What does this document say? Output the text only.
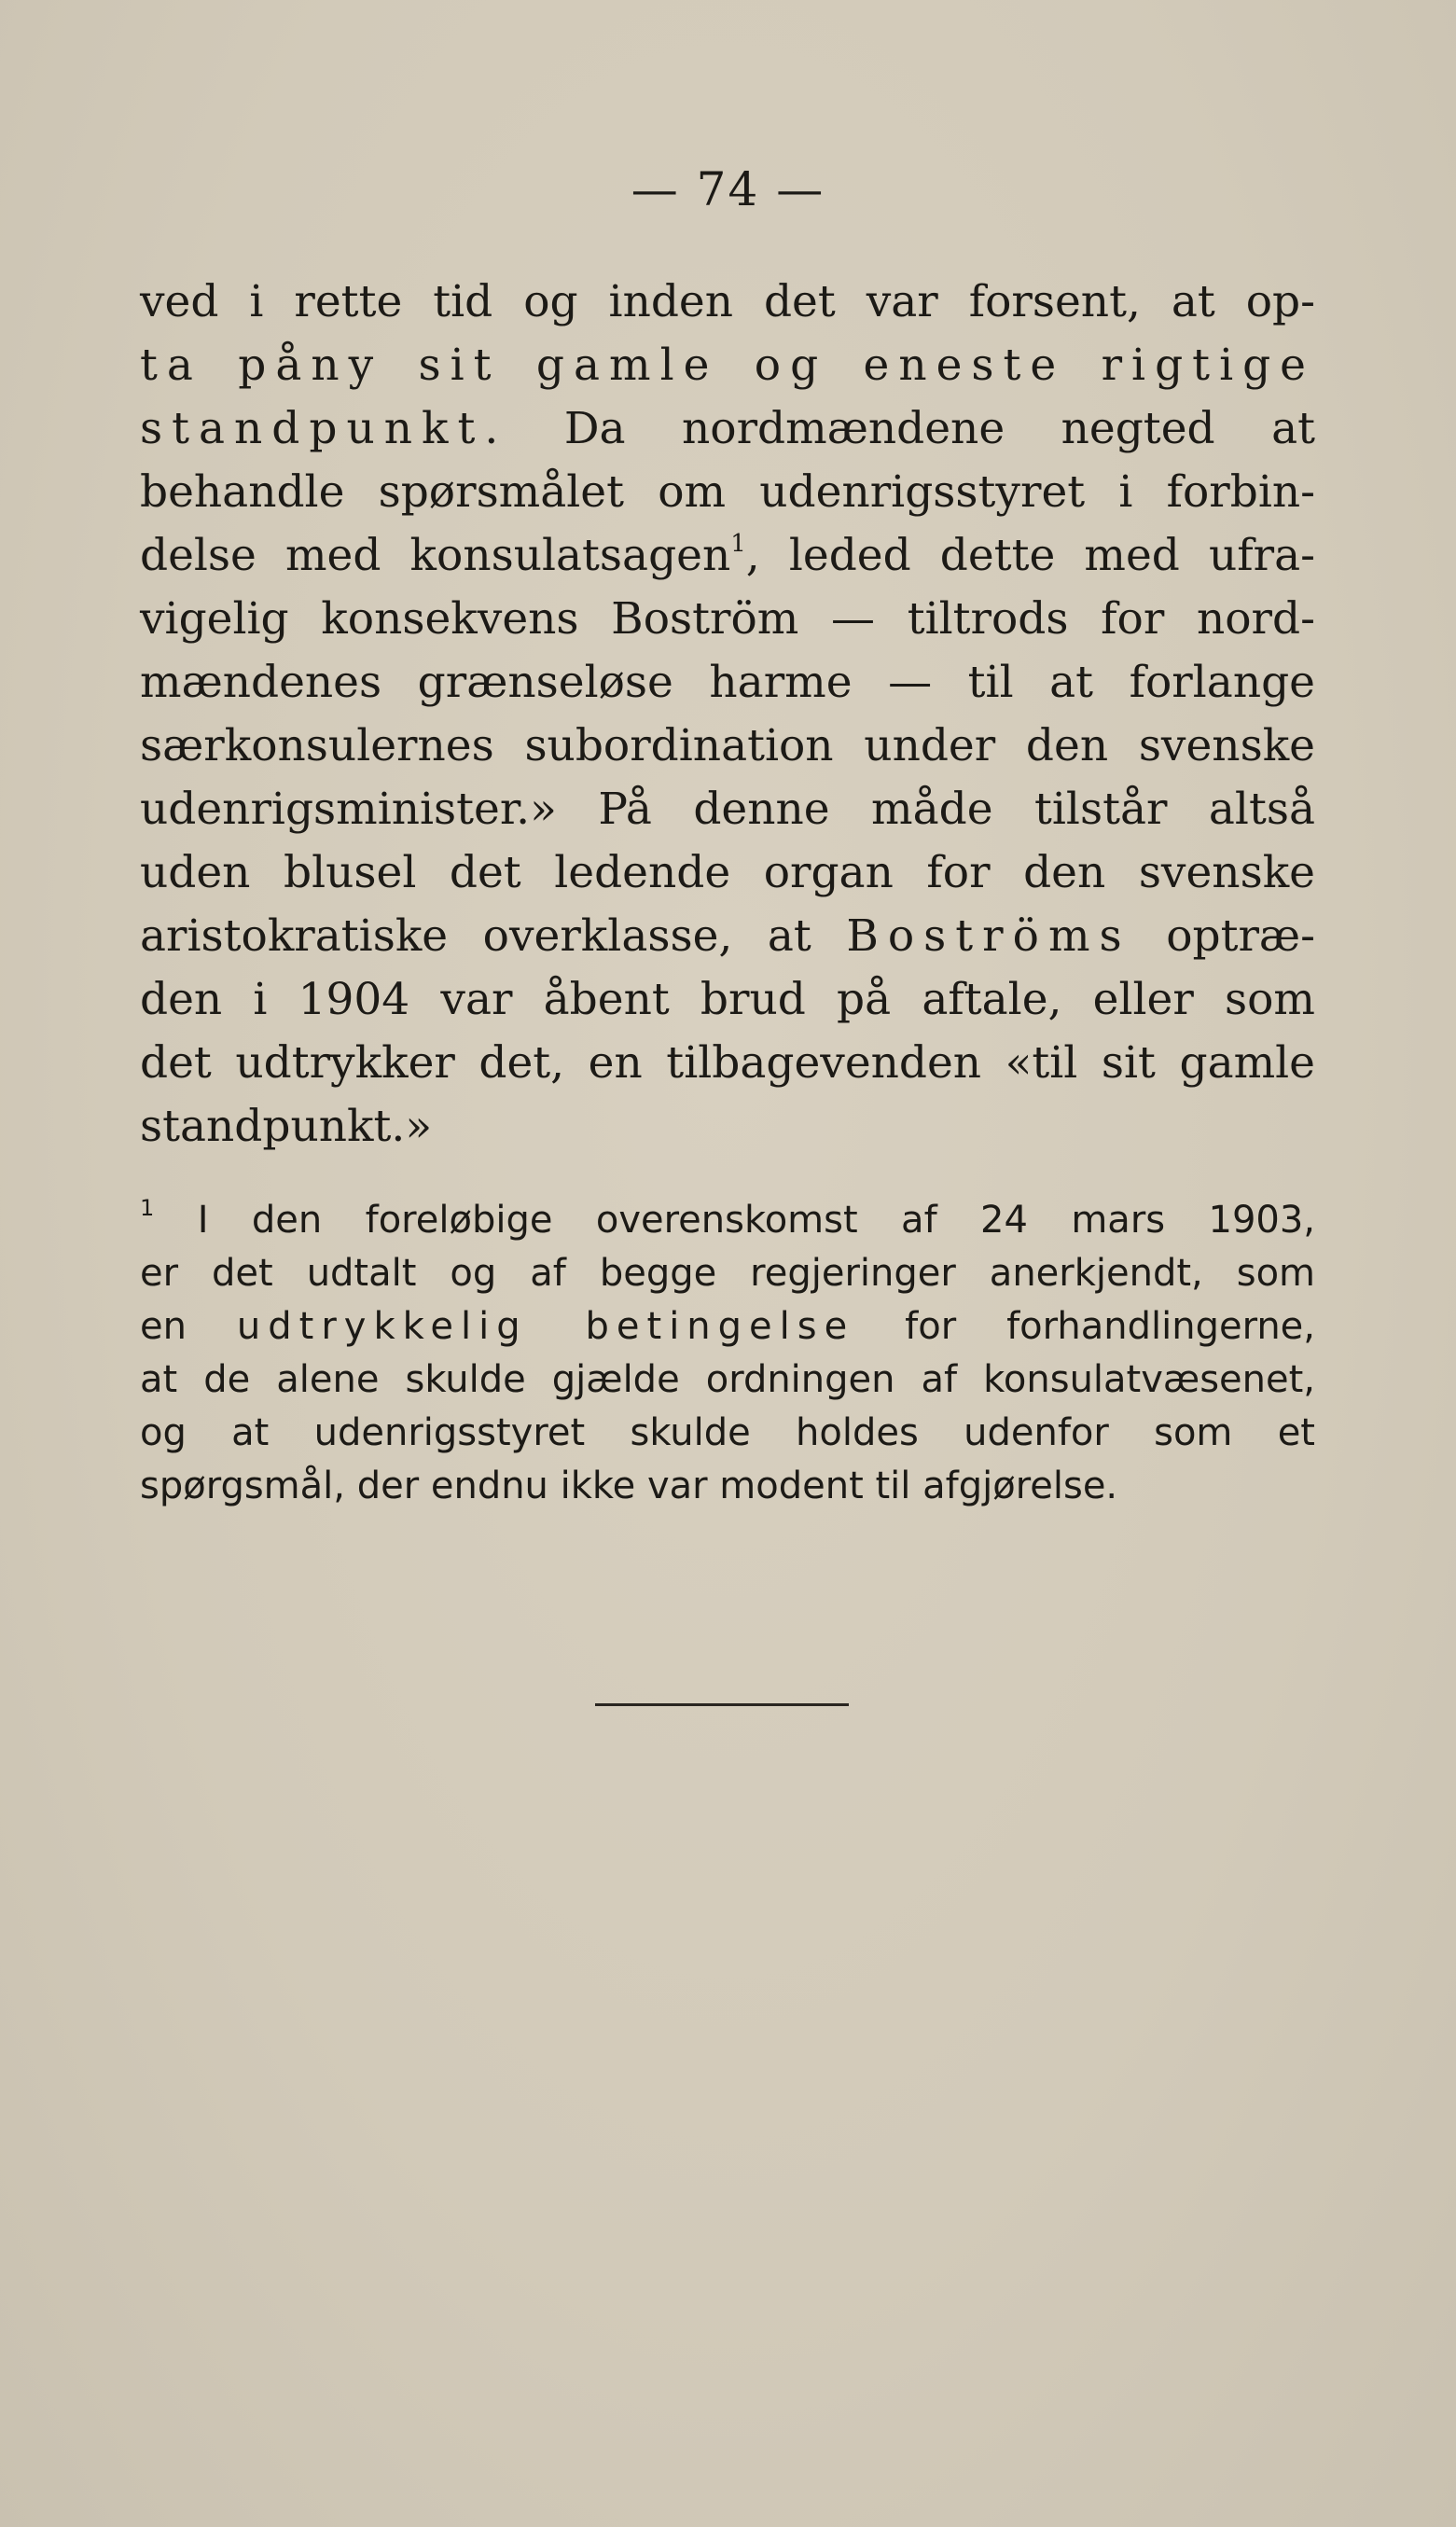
— 74 —
ved i rette tid og inden det var forsent, at op-
ta påny sit gamle og eneste rigtige
standpunkt. Da nordmændene negted at
behandle spørsmålet om udenrigsstyret i forbin-
delse med konsulatsagen$^1$, leded dette med ufra-
vigelig konsekvens Boström — tiltrods for nord-
mændenes grænseløse harme — til at forlange
særkonsulernes subordination under den svenske
udenrigsminister.» På denne måde tilstår altså
uden blusel det ledende organ for den svenske
aristokratiske overklasse, at Boströms optræ-
den i 1904 var åbent brud på aftale, eller som
det udtrykker det, en tilbagevenden «til sit gamle
standpunkt.»
$^1$ I den foreløbige overenskomst af 24 mars 1903,
er det udtalt og af begge regjeringer anerkjendt, som
en udtrykkelig betingelse for forhandlingerne,
at de alene skulde gjælde ordningen af konsulatvæsenet,
og at udenrigsstyret skulde holdes udenfor som et
spørgsmål, der endnu ikke var modent til afgjørelse.
